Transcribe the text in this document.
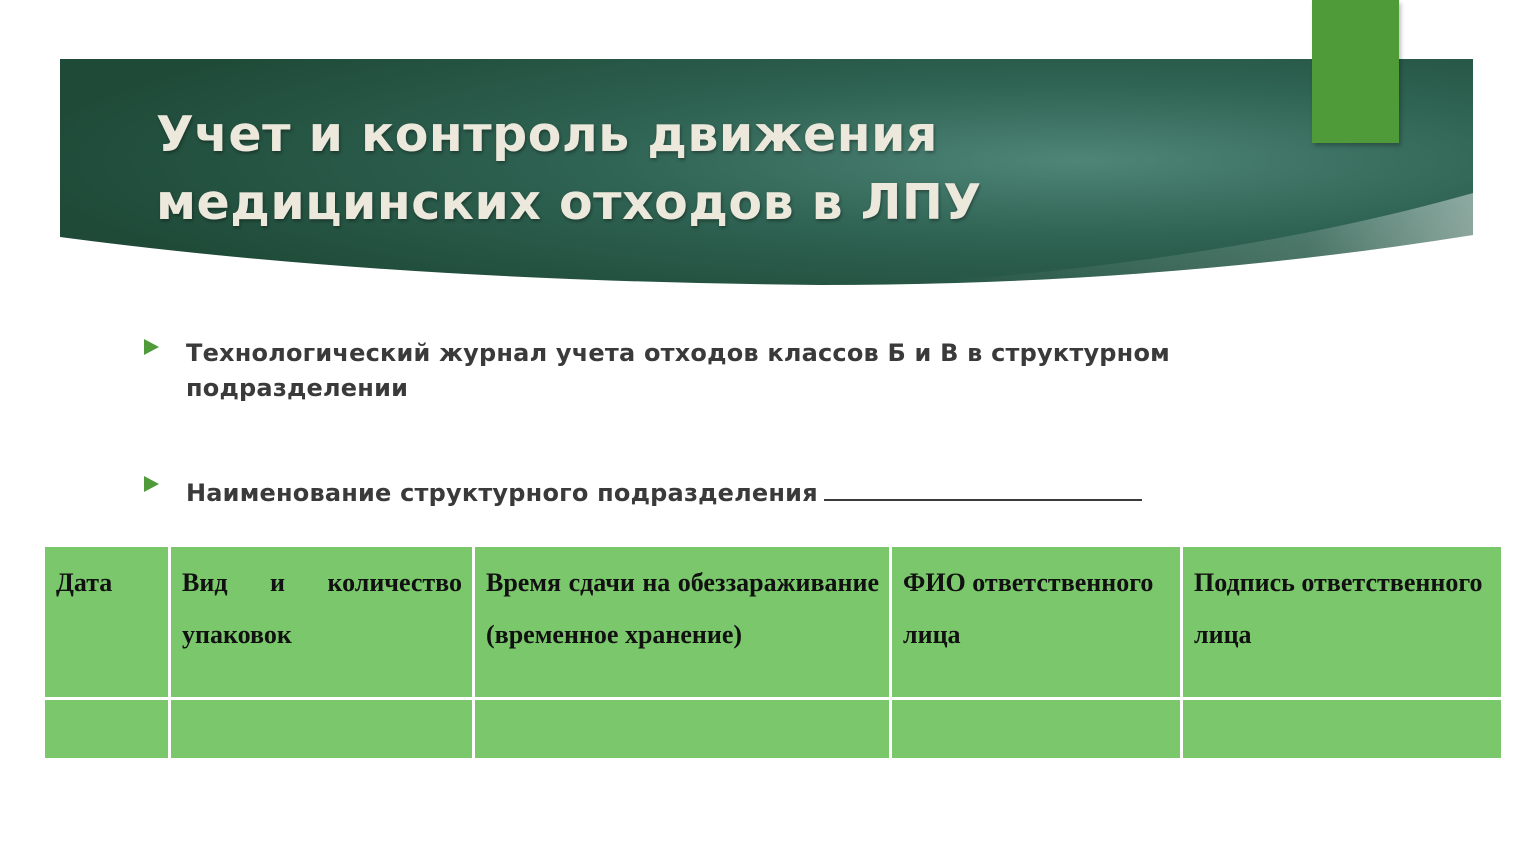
Учет и контроль движения
медицинских отходов в ЛПУ
Технологический журнал учета отходов классов Б и В в структурном
подразделении
Наименование структурного подразделения
Дата	Вид и количество упаковок	Время сдачи на обеззараживание (временное хранение)	ФИО ответственного лица	Подпись ответственного лица
